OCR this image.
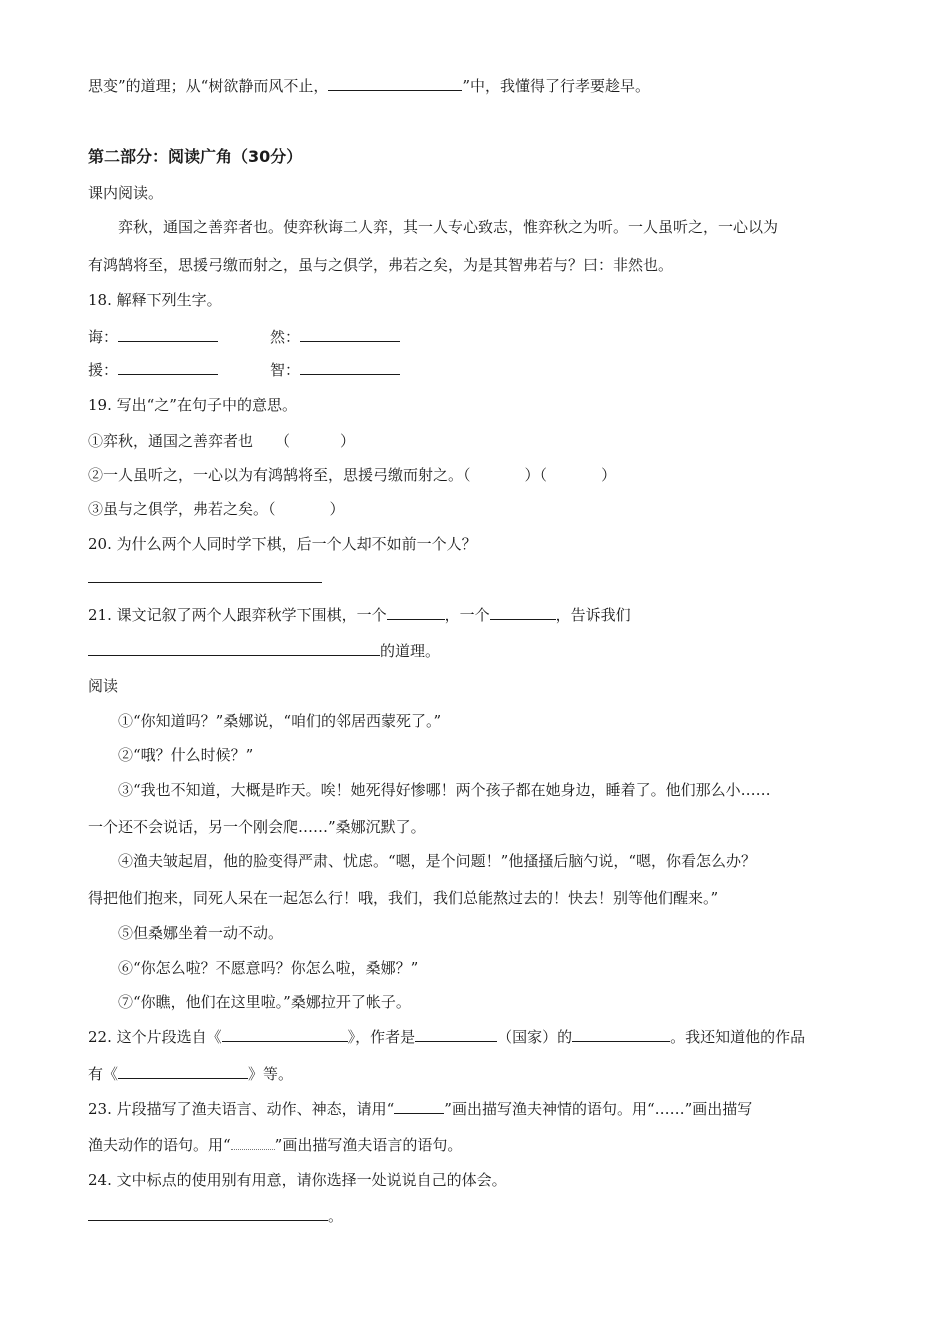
思变”的道理；从“树欲静而风不止，	”中，我懂得了行孝要趁早。
第二部分：阅读广角（30分）
课内阅读。
弈秋，通国之善弈者也。使弈秋诲二人弈，其一人专心致志，惟弈秋之为听。一人虽听之，一心以为
有鸿鹄将至，思援弓缴而射之，虽与之俱学，弗若之矣，为是其智弗若与？曰：非然也。
18. 解释下列生字。
诲：	然：
援：	智：
19. 写出“之”在句子中的意思。
①弈秋，通国之善弈者也 （	）
②一人虽听之，一心以为有鸿鹄将至，思援弓缴而射之。（	）（	）
③虽与之俱学，弗若之矣。（	）
20. 为什么两个人同时学下棋，后一个人却不如前一个人？
21. 课文记叙了两个人跟弈秋学下围棋，一个	，一个	，告诉我们
的道理。
阅读
①“你知道吗？”桑娜说，“咱们的邻居西蒙死了。”
②“哦？什么时候？”
③“我也不知道，大概是昨天。唉！她死得好惨哪！两个孩子都在她身边，睡着了。他们那么小……
一个还不会说话，另一个刚会爬……”桑娜沉默了。
④渔夫皱起眉，他的脸变得严肃、忧虑。“嗯，是个问题！”他搔搔后脑勺说，“嗯，你看怎么办？
得把他们抱来，同死人呆在一起怎么行！哦，我们，我们总能熬过去的！快去！别等他们醒来。”
⑤但桑娜坐着一动不动。
⑥“你怎么啦？不愿意吗？你怎么啦，桑娜？”
⑦“你瞧，他们在这里啦。”桑娜拉开了帐子。
22. 这个片段选自《	》，作者是	（国家）的	。我还知道他的作品
有《	》等。
23. 片段描写了渔夫语言、动作、神态，请用“	”画出描写渔夫神情的语句。用“……”画出描写
渔夫动作的语句。用“	”画出描写渔夫语言的语句。
24. 文中标点的使用别有用意，请你选择一处说说自己的体会。
。
